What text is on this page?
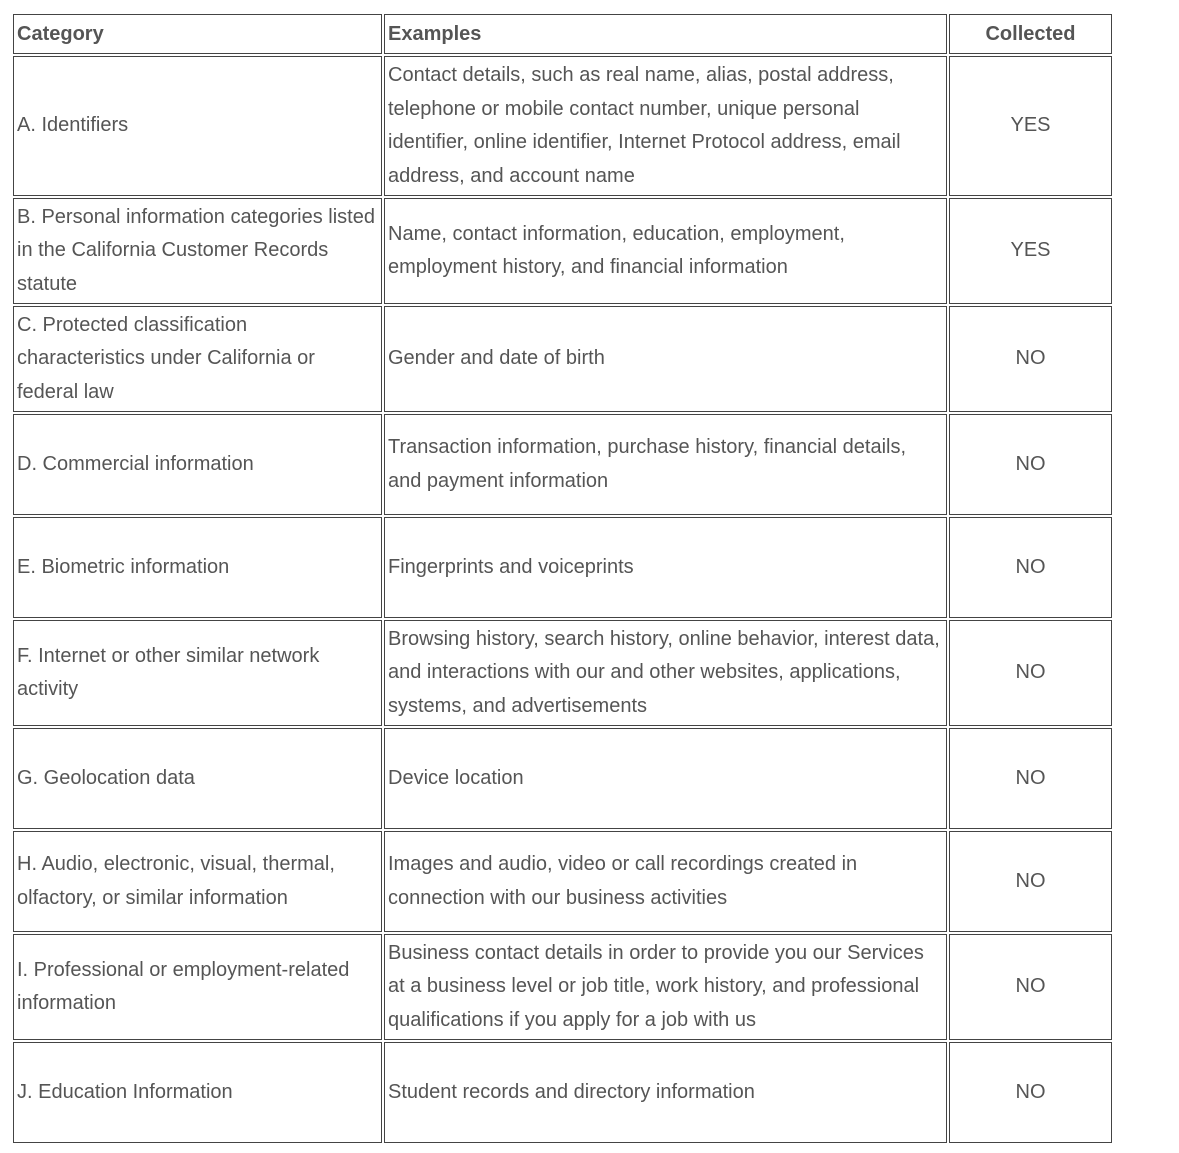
Category	Examples	Collected
A. Identifiers	Contact details, such as real name, alias, postal address, telephone or mobile contact number, unique personal identifier, online identifier, Internet Protocol address, email address, and account name	YES
B. Personal information categories listed in the California Customer Records statute	Name, contact information, education, employment, employment history, and financial information	YES
C. Protected classification characteristics under California or federal law	Gender and date of birth	NO
D. Commercial information	Transaction information, purchase history, financial details, and payment information	NO
E. Biometric information	Fingerprints and voiceprints	NO
F. Internet or other similar network activity	Browsing history, search history, online behavior, interest data, and interactions with our and other websites, applications, systems, and advertisements	NO
G. Geolocation data	Device location	NO
H. Audio, electronic, visual, thermal, olfactory, or similar information	Images and audio, video or call recordings created in connection with our business activities	NO
I. Professional or employment-related information	Business contact details in order to provide you our Services at a business level or job title, work history, and professional qualifications if you apply for a job with us	NO
J. Education Information	Student records and directory information	NO
